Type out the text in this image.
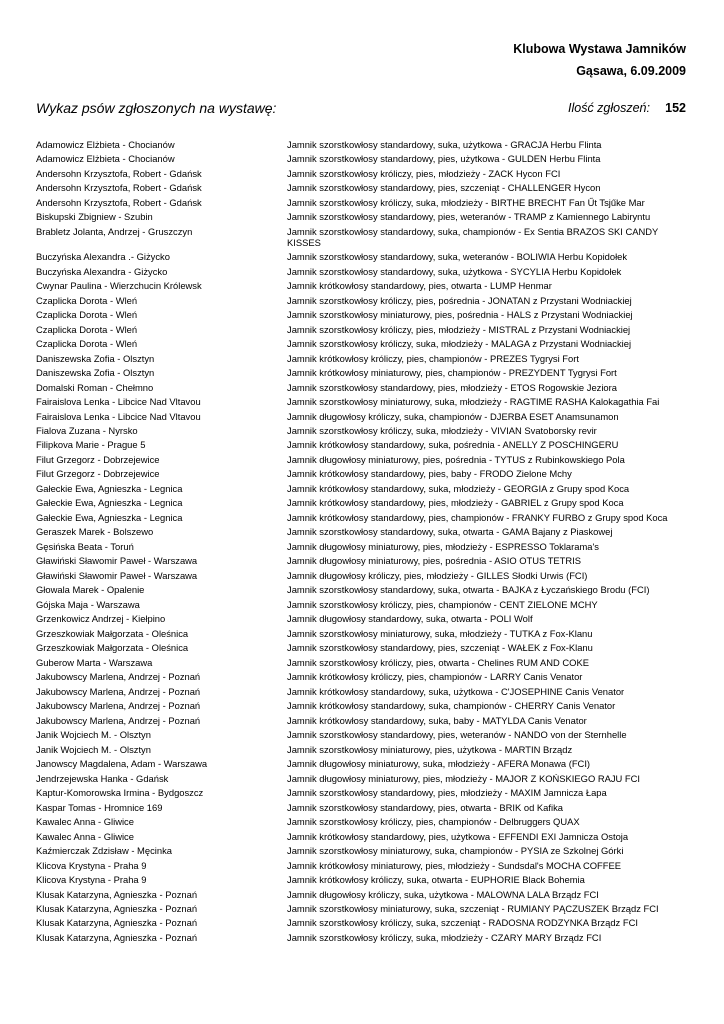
Klubowa Wystawa Jamników
Gąsawa, 6.09.2009
Wykaz psów zgłoszonych na wystawę:	Ilość zgłoszeń: 152
Adamowicz Elżbieta - Chocianów	Jamnik szorstkowłosy standardowy, suka, użytkowa - GRACJA Herbu Flinta
Adamowicz Elżbieta - Chocianów	Jamnik szorstkowłosy standardowy, pies, użytkowa - GULDEN Herbu Flinta
Andersohn Krzysztofa, Robert - Gdańsk	Jamnik szorstkowłosy króliczy, pies, młodzieży - ZACK Hycon FCI
Andersohn Krzysztofa, Robert - Gdańsk	Jamnik szorstkowłosy standardowy, pies, szczeniąt - CHALLENGER Hycon
Andersohn Krzysztofa, Robert - Gdańsk	Jamnik szorstkowłosy króliczy, suka, młodzieży - BIRTHE BRECHT Fan Űt Tsjűke Mar
Biskupski Zbigniew - Szubin	Jamnik szorstkowłosy standardowy, pies, weteranów - TRAMP z Kamiennego Labiryntu
Brabletz Jolanta, Andrzej - Gruszczyn	Jamnik szorstkowłosy standardowy, suka, championów - Ex Sentia BRAZOS SKI CANDY KISSES
Buczyńska Alexandra .- Giżycko	Jamnik szorstkowłosy standardowy, suka, weteranów - BOLIWIA Herbu Kopidołek
Buczyńska Alexandra - Giżycko	Jamnik szorstkowłosy standardowy, suka, użytkowa - SYCYLIA Herbu Kopidołek
Cwynar Paulina - Wierzchucin Królewsk	Jamnik krótkowłosy standardowy, pies, otwarta - LUMP Henmar
Czaplicka Dorota - Wleń	Jamnik szorstkowłosy króliczy, pies, pośrednia - JONATAN z Przystani Wodniackiej
Czaplicka Dorota - Wleń	Jamnik szorstkowłosy miniaturowy, pies, pośrednia - HALS z Przystani Wodniackiej
Czaplicka Dorota - Wleń	Jamnik szorstkowłosy króliczy, pies, młodzieży - MISTRAL z Przystani Wodniackiej
Czaplicka Dorota - Wleń	Jamnik szorstkowłosy króliczy, suka, młodzieży - MALAGA z Przystani Wodniackiej
Daniszewska Zofia - Olsztyn	Jamnik krótkowłosy króliczy, pies, championów - PREZES Tygrysi Fort
Daniszewska Zofia - Olsztyn	Jamnik krótkowłosy miniaturowy, pies, championów - PREZYDENT Tygrysi Fort
Domalski Roman - Chełmno	Jamnik szorstkowłosy standardowy, pies, młodzieży - ETOS Rogowskie Jeziora
Fairaislova Lenka - Libcice Nad Vltavou	Jamnik szorstkowłosy miniaturowy, suka, młodzieży - RAGTIME RASHA Kalokagathia Fai
Fairaislova Lenka - Libcice Nad Vltavou	Jamnik długowłosy króliczy, suka, championów - DJERBA ESET Anamsunamon
Fialova Zuzana - Nyrsko	Jamnik szorstkowłosy króliczy, suka, młodzieży - VIVIAN Svatoborsky revir
Filipkova Marie - Prague 5	Jamnik krótkowłosy standardowy, suka, pośrednia - ANELLY Z POSCHINGERU
Filut Grzegorz - Dobrzejewice	Jamnik długowłosy miniaturowy, pies, pośrednia - TYTUS z Rubinkowskiego Pola
Filut Grzegorz - Dobrzejewice	Jamnik krótkowłosy standardowy, pies, baby - FRODO Zielone Mchy
Gałeckie Ewa, Agnieszka - Legnica	Jamnik krótkowłosy standardowy, suka, młodzieży - GEORGIA z Grupy spod Koca
Gałeckie Ewa, Agnieszka - Legnica	Jamnik krótkowłosy standardowy, pies, młodzieży - GABRIEL z Grupy spod Koca
Gałeckie Ewa, Agnieszka - Legnica	Jamnik krótkowłosy standardowy, pies, championów - FRANKY FURBO z Grupy spod Koca
Geraszek Marek - Bolszewo	Jamnik szorstkowłosy standardowy, suka, otwarta - GAMA Bajany z Piaskowej
Gęsińska Beata - Toruń	Jamnik długowłosy miniaturowy, pies, młodzieży - ESPRESSO Toklarama's
Gławiński Sławomir Paweł - Warszawa	Jamnik długowłosy miniaturowy, pies, pośrednia - ASIO OTUS TETRIS
Gławiński Sławomir Paweł - Warszawa	Jamnik długowłosy króliczy, pies, młodzieży - GILLES Słodki Urwis (FCI)
Głowala Marek - Opalenie	Jamnik szorstkowłosy standardowy, suka, otwarta - BAJKA z Łyczańskiego Brodu (FCI)
Gójska Maja - Warszawa	Jamnik szorstkowłosy króliczy, pies, championów - CENT ZIELONE MCHY
Grzenkowicz Andrzej - Kiełpino	Jamnik długowłosy standardowy, suka, otwarta - POLI Wolf
Grzeszkowiak Małgorzata - Oleśnica	Jamnik szorstkowłosy miniaturowy, suka, młodzieży - TUTKA z Fox-Klanu
Grzeszkowiak Małgorzata - Oleśnica	Jamnik szorstkowłosy standardowy, pies, szczeniąt - WAŁEK z Fox-Klanu
Guberow Marta - Warszawa	Jamnik szorstkowłosy króliczy, pies, otwarta - Chelines RUM AND COKE
Jakubowscy Marlena, Andrzej - Poznań	Jamnik krótkowłosy króliczy, pies, championów - LARRY Canis Venator
Jakubowscy Marlena, Andrzej - Poznań	Jamnik krótkowłosy standardowy, suka, użytkowa - C'JOSEPHINE Canis Venator
Jakubowscy Marlena, Andrzej - Poznań	Jamnik krótkowłosy standardowy, suka, championów - CHERRY Canis Venator
Jakubowscy Marlena, Andrzej - Poznań	Jamnik krótkowłosy standardowy, suka, baby - MATYLDA Canis Venator
Janik Wojciech M. - Olsztyn	Jamnik szorstkowłosy standardowy, pies, weteranów - NANDO von der Sternhelle
Janik Wojciech M. - Olsztyn	Jamnik szorstkowłosy miniaturowy, pies, użytkowa - MARTIN Brządz
Janowscy Magdalena, Adam - Warszawa	Jamnik długowłosy miniaturowy, suka, młodzieży - AFERA Monawa (FCI)
Jendrzejewska Hanka - Gdańsk	Jamnik długowłosy miniaturowy, pies, młodzieży - MAJOR Z KOŃSKIEGO RAJU FCI
Kaptur-Komorowska Irmina - Bydgoszcz	Jamnik szorstkowłosy standardowy, pies, młodzieży - MAXIM Jamnicza Łapa
Kaspar Tomas - Hromnice 169	Jamnik szorstkowłosy standardowy, pies, otwarta - BRIK od Kafika
Kawalec Anna - Gliwice	Jamnik szorstkowłosy króliczy, pies, championów - Delbruggers QUAX
Kawalec Anna - Gliwice	Jamnik krótkowłosy standardowy, pies, użytkowa - EFFENDI EXI Jamnicza Ostoja
Kaźmierczak Zdzisław - Męcinka	Jamnik szorstkowłosy miniaturowy, suka, championów - PYSIA ze Szkolnej Górki
Klicova Krystyna - Praha 9	Jamnik krótkowłosy miniaturowy, pies, młodzieży - Sundsdal's MOCHA COFFEE
Klicova Krystyna - Praha 9	Jamnik krótkowłosy króliczy, suka, otwarta - EUPHORIE Black Bohemia
Klusak Katarzyna, Agnieszka - Poznań	Jamnik długowłosy króliczy, suka, użytkowa - MALOWNA LALA Brządz FCI
Klusak Katarzyna, Agnieszka - Poznań	Jamnik szorstkowłosy miniaturowy, suka, szczeniąt - RUMIANY PĄCZUSZEK Brządz FCI
Klusak Katarzyna, Agnieszka - Poznań	Jamnik szorstkowłosy króliczy, suka, szczeniąt - RADOSNA RODZYNKA Brządz FCI
Klusak Katarzyna, Agnieszka - Poznań	Jamnik szorstkowłosy króliczy, suka, młodzieży - CZARY MARY Brządz FCI
